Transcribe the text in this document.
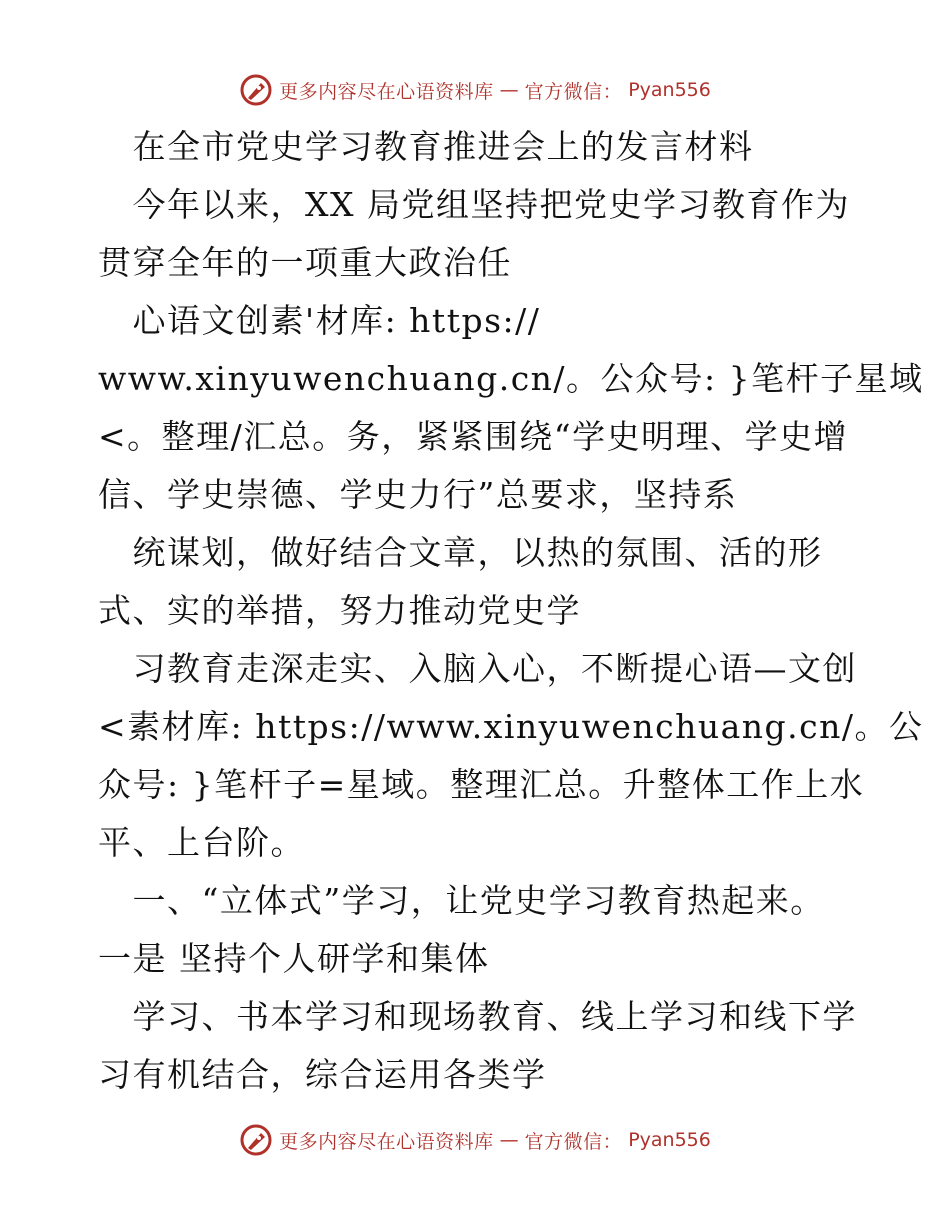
更多内容尽在心语资料库 — 官方微信： Pyan556
　在全市党史学习教育推进会上的发言材料
　今年以来，XX 局党组坚持把党史学习教育作为
贯穿全年的一项重大政治任
　心语文创素'材库: https://
www.xinyuwenchuang.cn/。公众号: }笔杆子星域
<。整理/汇总。务，紧紧围绕“学史明理、学史增
信、学史崇德、学史力行”总要求，坚持系
　统谋划，做好结合文章，以热的氛围、活的形
式、实的举措，努力推动党史学
　习教育走深走实、入脑入心，不断提心语—文创
<素材库: https://www.xinyuwenchuang.cn/。公
众号: }笔杆子=星域。整理汇总。升整体工作上水
平、上台阶。
　一、“立体式”学习，让党史学习教育热起来。
一是 坚持个人研学和集体
　学习、书本学习和现场教育、线上学习和线下学
习有机结合，综合运用各类学
更多内容尽在心语资料库 — 官方微信： Pyan556
